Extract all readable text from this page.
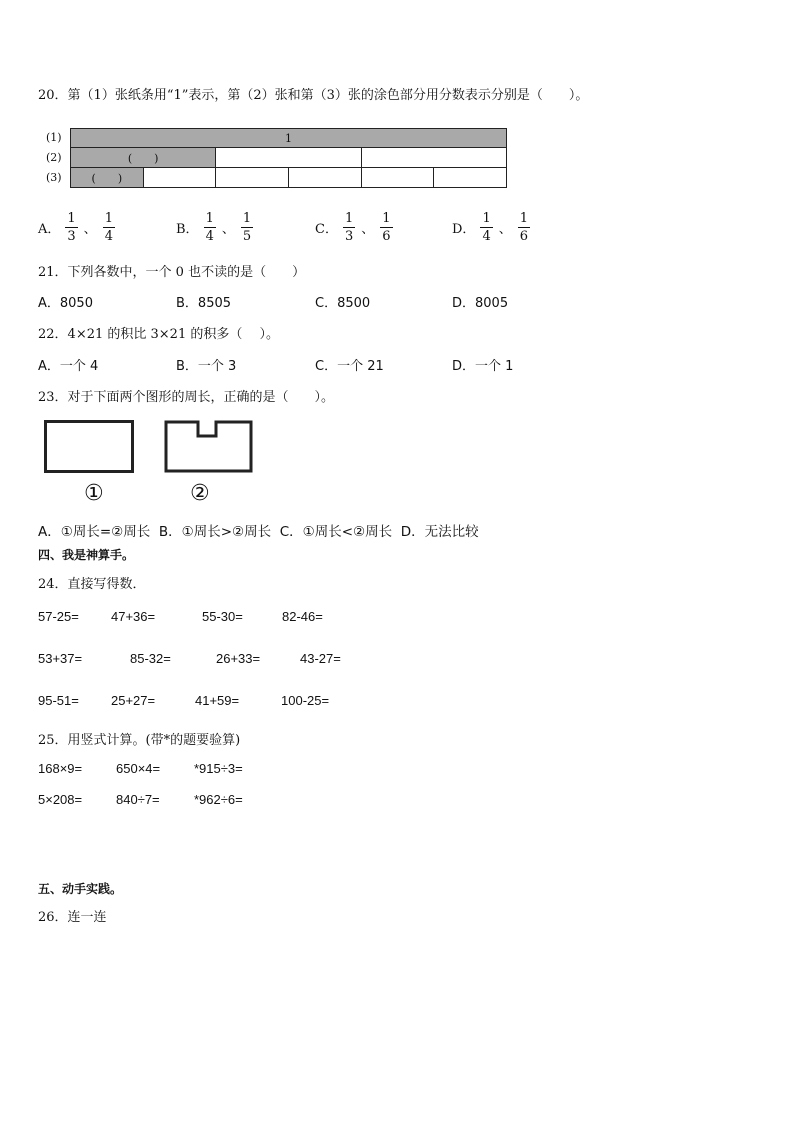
20．第（1）张纸条用“1”表示，第（2）张和第（3）张的涂色部分用分数表示分别是（　　）。
(1)
(2)
(3)
1
(　　)
(　　)
A． $\frac{1}{3}$ 、 $\frac{1}{4}$	B． $\frac{1}{4}$ 、 $\frac{1}{5}$	C． $\frac{1}{3}$ 、 $\frac{1}{6}$	D． $\frac{1}{4}$ 、 $\frac{1}{6}$
21．下列各数中，一个 0 也不读的是（　　）
A．8050	B．8505	C．8500	D．8005
22．4×21 的积比 3×21 的积多（　 ）。
A．一个 4	B．一个 3	C．一个 21	D．一个 1
23．对于下面两个图形的周长，正确的是（　　）。
①	②
A．①周长=②周长  B．①周长>②周长  C．①周长<②周长  D．无法比较
四、我是神算手。
24．直接写得数．
57-25= 47+36=	55-30=	82-46=
53+37=	85-32=	26+33=	43-27=
95-51= 25+27=	41+59=	100-25=
25．用竖式计算。(带*的题要验算)
168×9=	650×4=	*915÷3=
5×208=	840÷7=	*962÷6=
五、动手实践。
26．连一连
